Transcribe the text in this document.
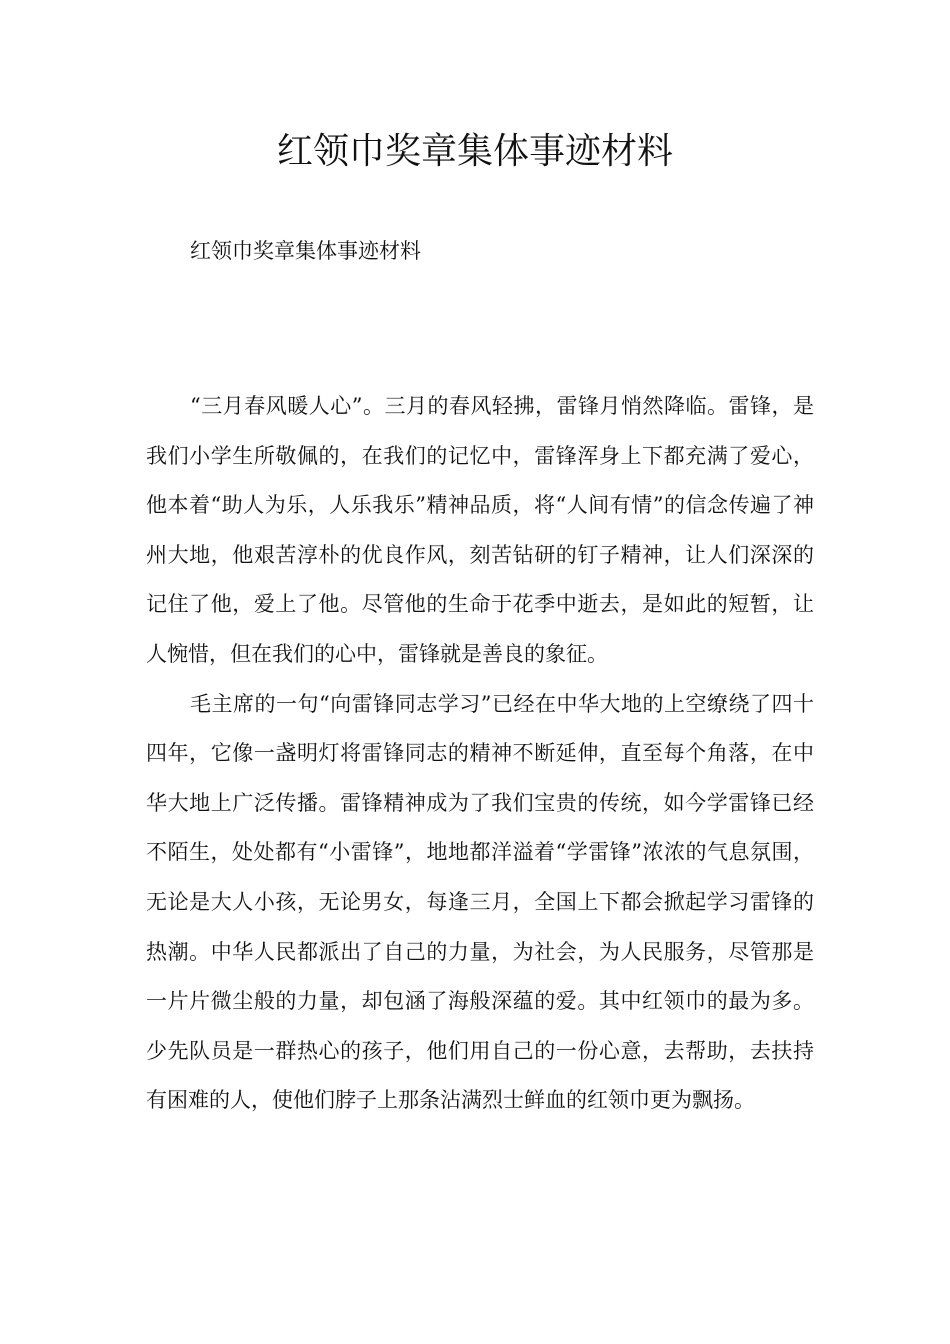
红领巾奖章集体事迹材料
红领巾奖章集体事迹材料

“三月春风暖人心”。三月的春风轻拂，雷锋月悄然降临。雷锋，是我们小学生所敬佩的，在我们的记忆中，雷锋浑身上下都充满了爱心，他本着“助人为乐，人乐我乐”精神品质，将“人间有情”的信念传遍了神州大地，他艰苦淳朴的优良作风，刻苦钻研的钉子精神，让人们深深的记住了他，爱上了他。尽管他的生命于花季中逝去，是如此的短暂，让人惋惜，但在我们的心中，雷锋就是善良的象征。

毛主席的一句“向雷锋同志学习”已经在中华大地的上空缭绕了四十四年，它像一盏明灯将雷锋同志的精神不断延伸，直至每个角落，在中华大地上广泛传播。雷锋精神成为了我们宝贵的传统，如今学雷锋已经不陌生，处处都有“小雷锋”，地地都洋溢着“学雷锋”浓浓的气息氛围，无论是大人小孩，无论男女，每逢三月，全国上下都会掀起学习雷锋的热潮。中华人民都派出了自己的力量，为社会，为人民服务，尽管那是一片片微尘般的力量，却包涵了海般深蕴的爱。其中红领巾的最为多。少先队员是一群热心的孩子，他们用自己的一份心意，去帮助，去扶持有困难的人，使他们脖子上那条沾满烈士鲜血的红领巾更为飘扬。
